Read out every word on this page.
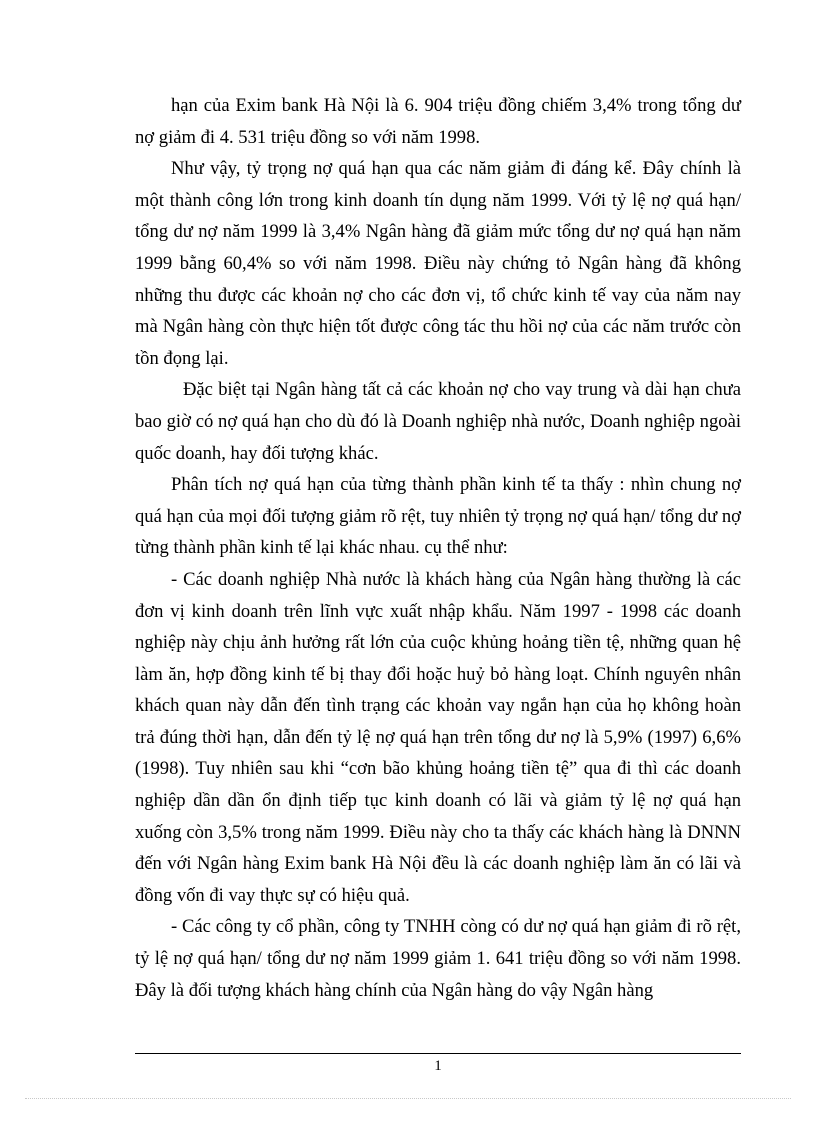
hạn của Exim bank Hà Nội là 6. 904 triệu đồng chiếm 3,4% trong tổng dư nợ giảm đi 4. 531 triệu đồng so với năm 1998.

Như vậy, tỷ trọng nợ quá hạn qua các năm giảm đi đáng kể. Đây chính là một thành công lớn trong kinh doanh tín dụng năm 1999. Với tỷ lệ nợ quá hạn/ tổng dư nợ năm 1999 là 3,4% Ngân hàng đã giảm mức tổng dư nợ quá hạn năm 1999 bằng 60,4% so với năm 1998. Điều này chứng tỏ Ngân hàng đã không những thu được các khoản nợ cho các đơn vị, tổ chức kinh tế vay của năm nay mà Ngân hàng còn thực hiện tốt được công tác thu hồi nợ của các năm trước còn tồn đọng lại.

Đặc biệt tại Ngân hàng tất cả các khoản nợ cho vay trung và dài hạn chưa bao giờ có nợ quá hạn cho dù đó là Doanh nghiệp nhà nước, Doanh nghiệp ngoài quốc doanh, hay đối tượng khác.

Phân tích nợ quá hạn của từng thành phần kinh tế ta thấy : nhìn chung nợ quá hạn của mọi đối tượng giảm rõ rệt, tuy nhiên tỷ trọng nợ quá hạn/ tổng dư nợ từng thành phần kinh tế lại khác nhau. cụ thể như:

- Các doanh nghiệp Nhà nước là khách hàng của Ngân hàng thường là các đơn vị kinh doanh trên lĩnh vực xuất nhập khẩu. Năm 1997 - 1998 các doanh nghiệp này chịu ảnh hưởng rất lớn của cuộc khủng hoảng tiền tệ, những quan hệ làm ăn, hợp đồng kinh tế bị thay đổi hoặc huỷ bỏ hàng loạt. Chính nguyên nhân khách quan này dẫn đến tình trạng các khoản vay ngắn hạn của họ không hoàn trả đúng thời hạn, dẫn đến tỷ lệ nợ quá hạn trên tổng dư nợ là 5,9% (1997) 6,6% (1998). Tuy nhiên sau khi “cơn bão khủng hoảng tiền tệ” qua đi thì các doanh nghiệp dần dần ổn định tiếp tục kinh doanh có lãi và giảm tỷ lệ nợ quá hạn xuống còn 3,5% trong năm 1999. Điều này cho ta thấy các khách hàng là DNNN đến với Ngân hàng Exim bank Hà Nội đều là các doanh nghiệp làm ăn có lãi và đồng vốn đi vay thực sự có hiệu quả.

- Các công ty cổ phần, công ty TNHH còng có dư nợ quá hạn giảm đi rõ rệt, tỷ lệ nợ quá hạn/ tổng dư nợ năm 1999 giảm 1. 641 triệu đồng so với năm 1998. Đây là đối tượng khách hàng chính của Ngân hàng do vậy Ngân hàng

1
